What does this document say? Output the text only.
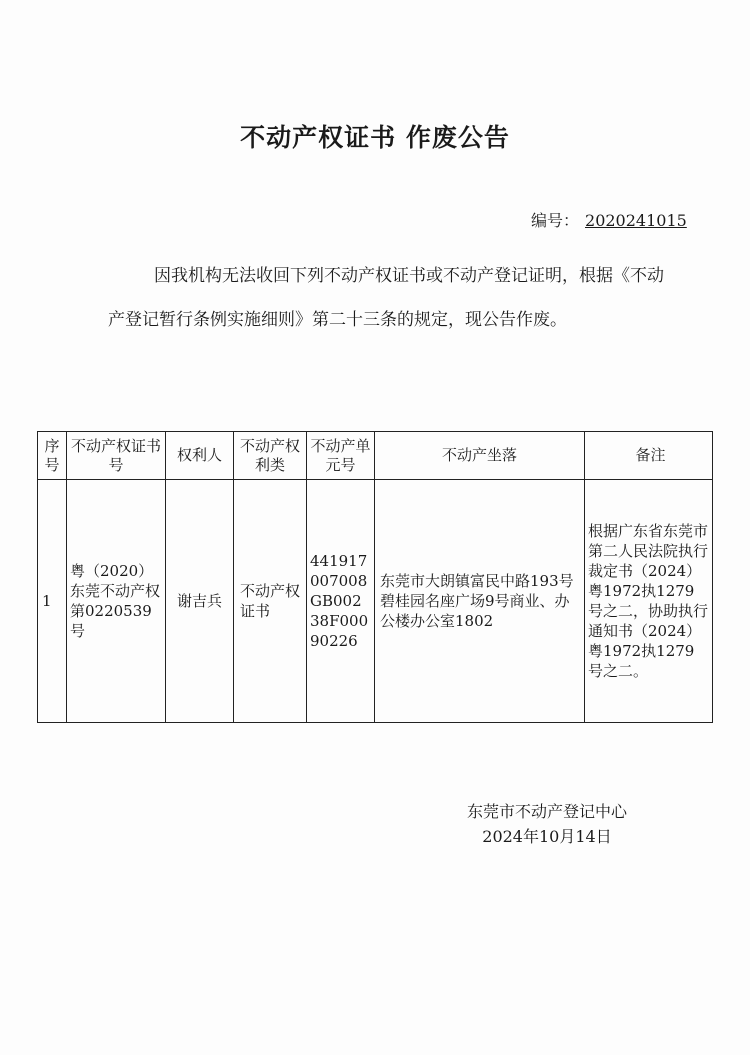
不动产权证书 作废公告
编号： 2020241015
因我机构无法收回下列不动产权证书或不动产登记证明，根据《不动产登记暂行条例实施细则》第二十三条的规定，现公告作废。
序号	不动产权证书号	权利人	不动产权利类	不动产单元号	不动产坐落	备注
1	粤（2020）东莞不动产权第0220539号	谢吉兵	不动产权证书	441917007008GB00238F00090226	东莞市大朗镇富民中路193号碧桂园名座广场9号商业、办公楼办公室1802	根据广东省东莞市第二人民法院执行裁定书（2024）粤1972执1279号之二，协助执行通知书（2024）粤1972执1279号之二。
东莞市不动产登记中心
2024年10月14日
